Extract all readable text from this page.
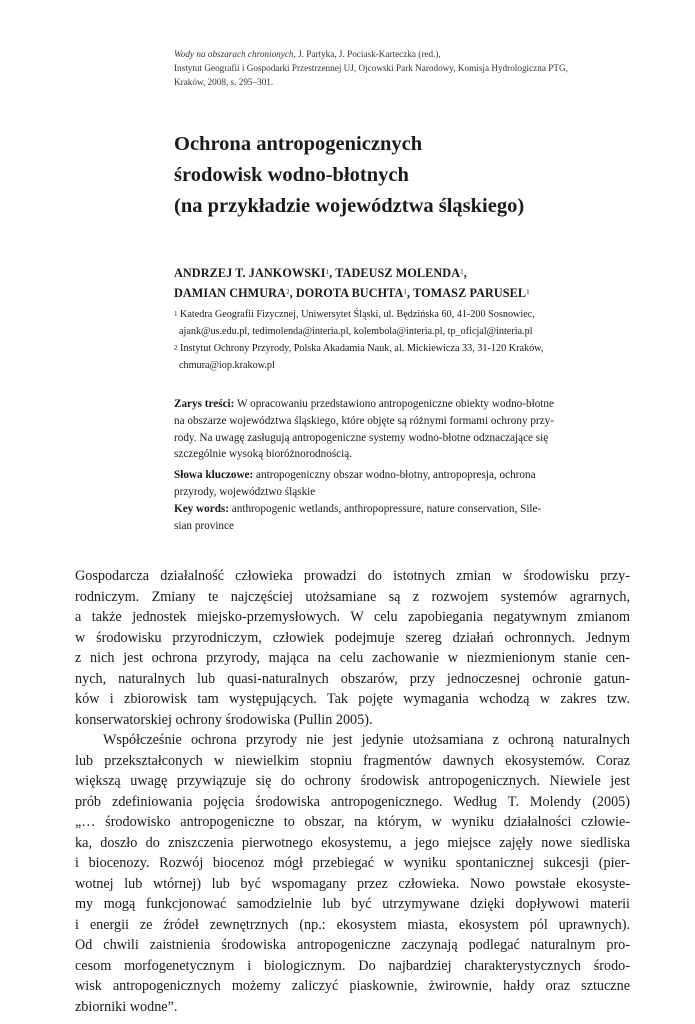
Wody na obszarach chronionych, J. Partyka, J. Pociask-Karteczka (red.),

Instytut Geografii i Gospodarki Przestrzennej UJ, Ojcowski Park Narodowy, Komisja Hydrologiczna PTG,

Kraków, 2008, s. 295–301.

Ochrona antropogenicznych
środowisk wodno-błotnych
(na przykładzie województwa śląskiego)
ANDRZEJ T. JANKOWSKI$^1$, TADEUSZ MOLENDA$^1$,
DAMIAN CHMURA$^2$, DOROTA BUCHTA$^1$, TOMASZ PARUSEL$^1$
$^1$ Katedra Geografii Fizycznej, Uniwersytet Śląski, ul. Będzińska 60, 41-200 Sosnowiec,
ajank@us.edu.pl, tedimolenda@interia.pl, kolembola@interia.pl, tp_oficjal@interia.pl
$^2$ Instytut Ochrony Przyrody, Polska Akadamia Nauk, al. Mickiewicza 33, 31-120 Kraków,
chmura@iop.krakow.pl
Zarys treści: W opracowaniu przedstawiono antropogeniczne obiekty wodno-błotne
na obszarze województwa śląskiego, które objęte są różnymi formami ochrony przy-
rody. Na uwagę zasługują antropogeniczne systemy wodno-błotne odznaczające się
szczególnie wysoką bioróżnorodnością.
Słowa kluczowe: antropogeniczny obszar wodno-błotny, antropopresja, ochrona
przyrody, województwo śląskie
Key words: anthropogenic wetlands, anthropopressure, nature conservation, Sile-
sian province
Gospodarcza działalność człowieka prowadzi do istotnych zmian w środowisku przy-
rodniczym. Zmiany te najczęściej utożsamiane są z rozwojem systemów agrarnych,
a także jednostek miejsko-przemysłowych. W celu zapobiegania negatywnym zmianom
w środowisku przyrodniczym, człowiek podejmuje szereg działań ochronnych. Jednym
z nich jest ochrona przyrody, mająca na celu zachowanie w niezmienionym stanie cen-
nych, naturalnych lub quasi-naturalnych obszarów, przy jednoczesnej ochronie gatun-
ków i zbiorowisk tam występujących. Tak pojęte wymagania wchodzą w zakres tzw.
konserwatorskiej ochrony środowiska (Pullin 2005).
Współcześnie ochrona przyrody nie jest jedynie utożsamiana z ochroną naturalnych
lub przekształconych w niewielkim stopniu fragmentów dawnych ekosystemów. Coraz
większą uwagę przywiązuje się do ochrony środowisk antropogenicznych. Niewiele jest
prób zdefiniowania pojęcia środowiska antropogenicznego. Według T. Molendy (2005)
„… środowisko antropogeniczne to obszar, na którym, w wyniku działalności człowie-
ka, doszło do zniszczenia pierwotnego ekosystemu, a jego miejsce zajęły nowe siedliska
i biocenozy. Rozwój biocenoz mógł przebiegać w wyniku spontanicznej sukcesji (pier-
wotnej lub wtórnej) lub być wspomagany przez człowieka. Nowo powstałe ekosyste-
my mogą funkcjonować samodzielnie lub być utrzymywane dzięki dopływowi materii
i energii ze źródeł zewnętrznych (np.: ekosystem miasta, ekosystem pól uprawnych).
Od chwili zaistnienia środowiska antropogeniczne zaczynają podlegać naturalnym pro-
cesom morfogenetycznym i biologicznym. Do najbardziej charakterystycznych środo-
wisk antropogenicznych możemy zaliczyć piaskownie, żwirownie, hałdy oraz sztuczne
zbiorniki wodne”.
